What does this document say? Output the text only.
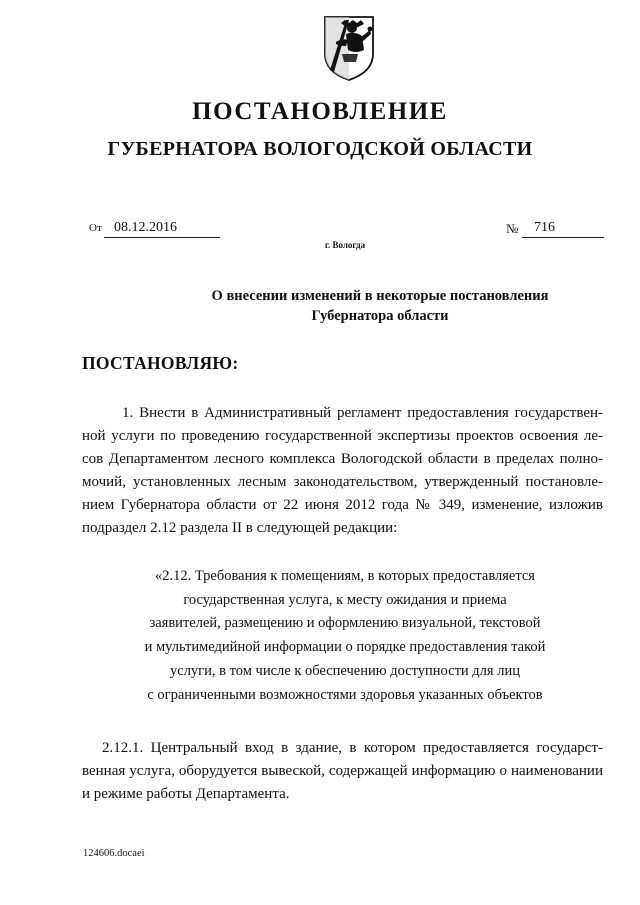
ПОСТАНОВЛЕНИЕ
ГУБЕРНАТОРА ВОЛОГОДСКОЙ ОБЛАСТИ
От 08.12.2016	№	716
г. Вологда
О внесении изменений в некоторые постановления
Губернатора области
ПОСТАНОВЛЯЮ:
1. Внести в Административный регламент предоставления государствен-ной услуги по проведению государственной экспертизы проектов освоения ле-сов Департаментом лесного комплекса Вологодской области в пределах полно-мочий, установленных лесным законодательством, утвержденный постановле-нием Губернатора области от 22 июня 2012 года № 349, изменение, изложив подраздел 2.12 раздела II в следующей редакции:
«2.12. Требования к помещениям, в которых предоставляется
государственная услуга, к месту ожидания и приема
заявителей, размещению и оформлению визуальной, текстовой
и мультимедийной информации о порядке предоставления такой
услуги, в том числе к обеспечению доступности для лиц
с ограниченными возможностями здоровья указанных объектов
2.12.1. Центральный вход в здание, в котором предоставляется государст-венная услуга, оборудуется вывеской, содержащей информацию о наименовании и режиме работы Департамента.
124606.docaei
